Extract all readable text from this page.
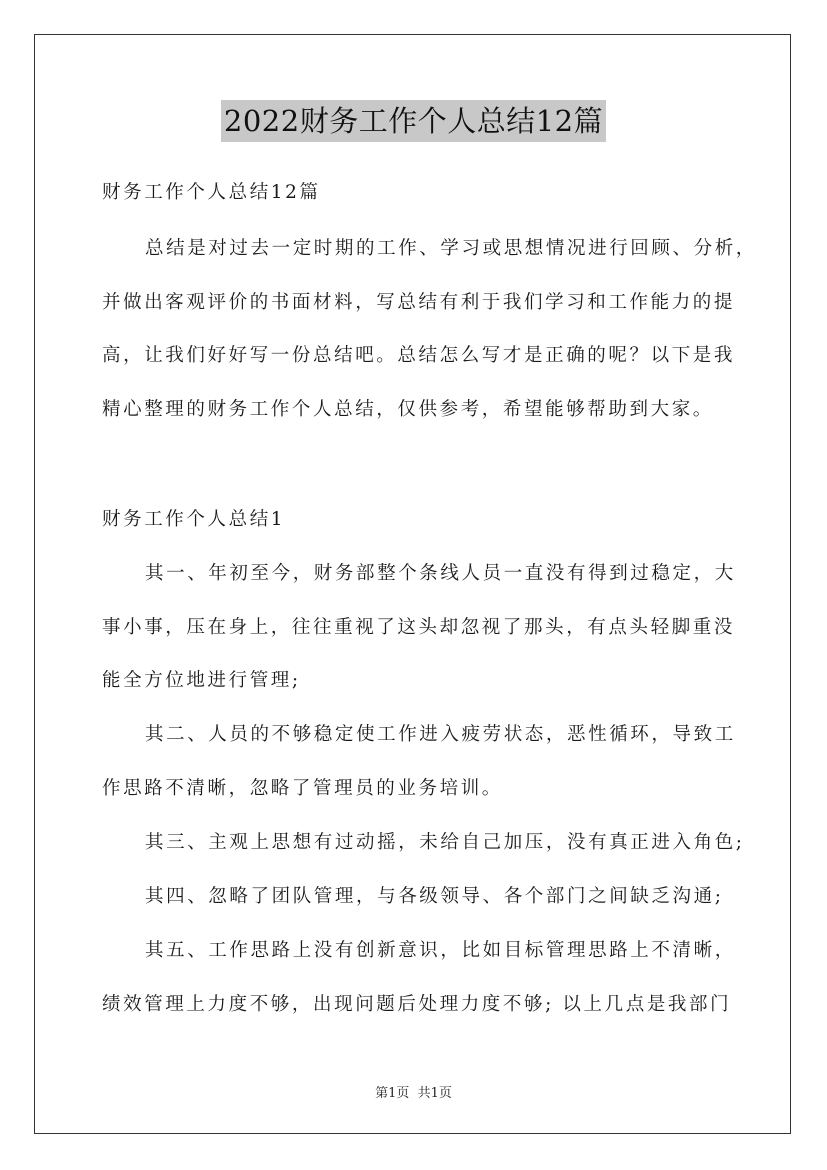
2022财务工作个人总结12篇
财务工作个人总结12篇
总结是对过去一定时期的工作、学习或思想情况进行回顾、分析，
并做出客观评价的书面材料，写总结有利于我们学习和工作能力的提
高，让我们好好写一份总结吧。总结怎么写才是正确的呢？以下是我
精心整理的财务工作个人总结，仅供参考，希望能够帮助到大家。
财务工作个人总结1
其一、年初至今，财务部整个条线人员一直没有得到过稳定，大
事小事，压在身上，往往重视了这头却忽视了那头，有点头轻脚重没
能全方位地进行管理;
其二、人员的不够稳定使工作进入疲劳状态，恶性循环，导致工
作思路不清晰，忽略了管理员的业务培训。
其三、主观上思想有过动摇，未给自己加压，没有真正进入角色;
其四、忽略了团队管理，与各级领导、各个部门之间缺乏沟通;
其五、工作思路上没有创新意识，比如目标管理思路上不清晰，
绩效管理上力度不够，出现问题后处理力度不够; 以上几点是我部门
第1页 共1页
